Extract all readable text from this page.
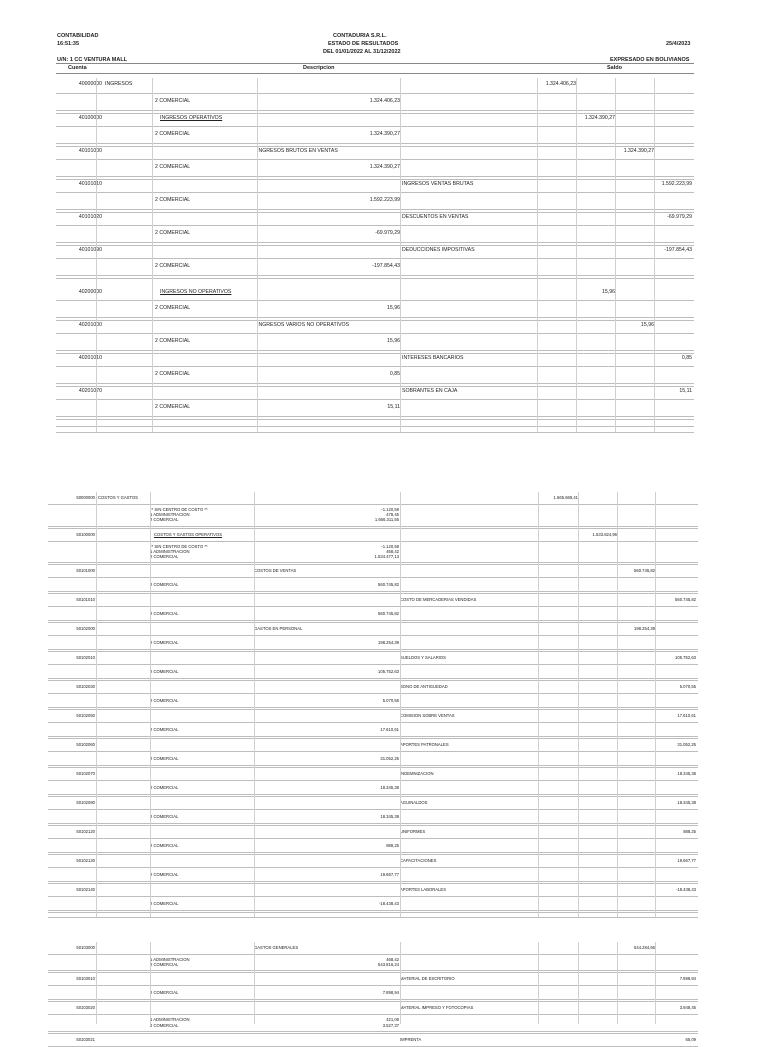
CONTABILIDAD
16:51:35
CONTADURIA S.R.L.
ESTADO DE RESULTADOS
DEL 01/01/2022 AL 31/12/2022
25/4/2023
U/N: 1 CC VENTURA MALL	EXPRESADO EN BOLIVIANOS
Cuenta	Descripcion	Saldo
40000000 INGRESOS	1.324.406,23
2 COMERCIAL	1.324.406,23
40100000	INGRESOS OPERATIVOS	1.324.390,27
2 COMERCIAL	1.324.390,27
40101000	INGRESOS BRUTOS EN VENTAS	1.324.390,27
2 COMERCIAL	1.324.390,27
40101010	INGRESOS VENTAS BRUTAS	1.592.223,99
2 COMERCIAL	1.592.223,99
40101020	DESCUENTOS EN VENTAS	-69.979,29
2 COMERCIAL	-69.979,29
40101090	DEDUCCIONES IMPOSITIVAS	-197.854,43
2 COMERCIAL	-197.854,43
40200000	INGRESOS NO OPERATIVOS	15,96
2 COMERCIAL	15,96
40201000	INGRESOS VARIOS NO OPERATIVOS	15,96
2 COMERCIAL	15,96
40201010	INTERESES BANCARIOS	0,85
2 COMERCIAL	0,85
40201070	SOBRANTES EN CAJA	15,11
2 COMERCIAL	15,11
50000000 COSTOS Y GASTOS	1.665.669,41
** SIN CENTRO DE COSTO **	-1.120,59
1 ADMINISTRACION	478,45
2 COMERCIAL	1.666.311,55
50100000	COSTOS Y GASTOS OPERATIVOS	1.533.824,96
** SIN CENTRO DE COSTO **	-1.120,59
1 ADMINISTRACION	468,42
2 COMERCIAL	1.534.477,13
50101000	COSTOS DE VENTAS	560.745,82
2 COMERCIAL	560.745,82
50101010	COSTO DE MERCADERIAS VENDIDAS	560.745,82
2 COMERCIAL	560.745,82
50102000	GASTOS EN PERSONAL	198.254,39
2 COMERCIAL	198.254,39
50102010	SUELDOS Y SALARIOS	105.752,63
2 COMERCIAL	105.752,63
50102030	BONO DE ANTIGUEDAD	5.070,55
2 COMERCIAL	5.070,55
50102050	COMISION SOBRE VENTAS	17.610,61
2 COMERCIAL	17.610,61
50102060	APORTES PATRONALES	31.052,25
2 COMERCIAL	31.052,25
50102070	INDEMNIZACION	18.345,38
2 COMERCIAL	18.345,38
50102080	AGUINALDOS	18.345,38
2 COMERCIAL	18.345,38
50102120	UNIFORMES	888,25
2 COMERCIAL	888,25
50102130	CAPACITACIONES	19.667,77
2 COMERCIAL	19.667,77
50102140	APORTES LABORALES	-18.438,43
2 COMERCIAL	-18.438,43
50103000	GASTOS GENERALES	544.284,66
1 ADMINISTRACION	468,42
2 COMERCIAL	543.816,24
50103010	MATERIAL DE ESCRITORIO	7.898,94
2 COMERCIAL	7.898,94
50103020	MATERIAL IMPRESO Y FOTOCOPIAS	3.948,45
1 ADMINISTRACION	421,08
2 COMERCIAL	3.527,37
50103021	IMPRENTA	65,09
